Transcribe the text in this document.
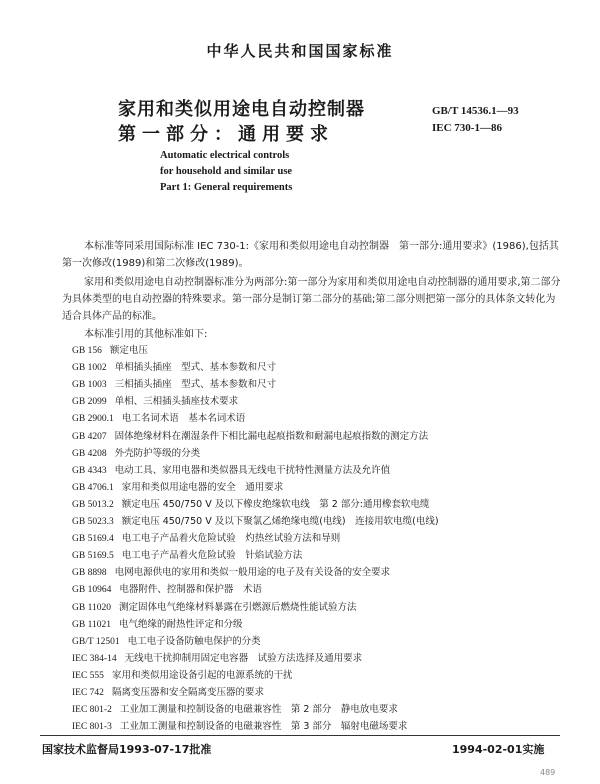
中华人民共和国国家标准
家用和类似用途电自动控制器
第一部分：通用要求
GB/T 14536.1—93
IEC 730-1—86
Automatic electrical controls
for household and similar use
Part 1: General requirements
本标准等同采用国际标准 IEC 730-1:《家用和类似用途电自动控制器　第一部分:通用要求》(1986),包括其第一次修改(1989)和第二次修改(1989)。
家用和类似用途电自动控制器标准分为两部分:第一部分为家用和类似用途电自动控制器的通用要求,第二部分为具体类型的电自动控器的特殊要求。第一部分是制订第二部分的基础;第二部分则把第一部分的具体条文转化为适合具体产品的标准。
本标准引用的其他标准如下:
GB 156 额定电压
GB 1002 单相插头插座　型式、基本参数和尺寸
GB 1003 三相插头插座　型式、基本参数和尺寸
GB 2099 单相、三相插头插座技术要求
GB 2900.1 电工名词术语　基本名词术语
GB 4207 固体绝缘材料在潮湿条件下相比漏电起痕指数和耐漏电起痕指数的测定方法
GB 4208 外壳防护等级的分类
GB 4343 电动工具、家用电器和类似器具无线电干扰特性测量方法及允许值
GB 4706.1 家用和类似用途电器的安全　通用要求
GB 5013.2 额定电压 450/750 V 及以下橡皮绝缘软电线　第 2 部分:通用橡套软电缆
GB 5023.3 额定电压 450/750 V 及以下聚氯乙烯绝缘电缆(电线)　连接用软电缆(电线)
GB 5169.4 电工电子产品着火危险试验　灼热丝试验方法和导则
GB 5169.5 电工电子产品着火危险试验　针焰试验方法
GB 8898 电网电源供电的家用和类似一般用途的电子及有关设备的安全要求
GB 10964 电器附件、控制器和保护器　术语
GB 11020 测定固体电气绝缘材料暴露在引燃源后燃烧性能试验方法
GB 11021 电气绝缘的耐热性评定和分级
GB/T 12501 电工电子设备防触电保护的分类
IEC 384-14 无线电干扰抑制用固定电容器　试验方法选择及通用要求
IEC 555 家用和类似用途设备引起的电源系统的干扰
IEC 742 隔离变压器和安全隔离变压器的要求
IEC 801-2 工业加工测量和控制设备的电磁兼容性　第 2 部分　静电放电要求
IEC 801-3 工业加工测量和控制设备的电磁兼容性　第 3 部分　辐射电磁场要求
国家技术监督局1993-07-17批准	1994-02-01实施
489
